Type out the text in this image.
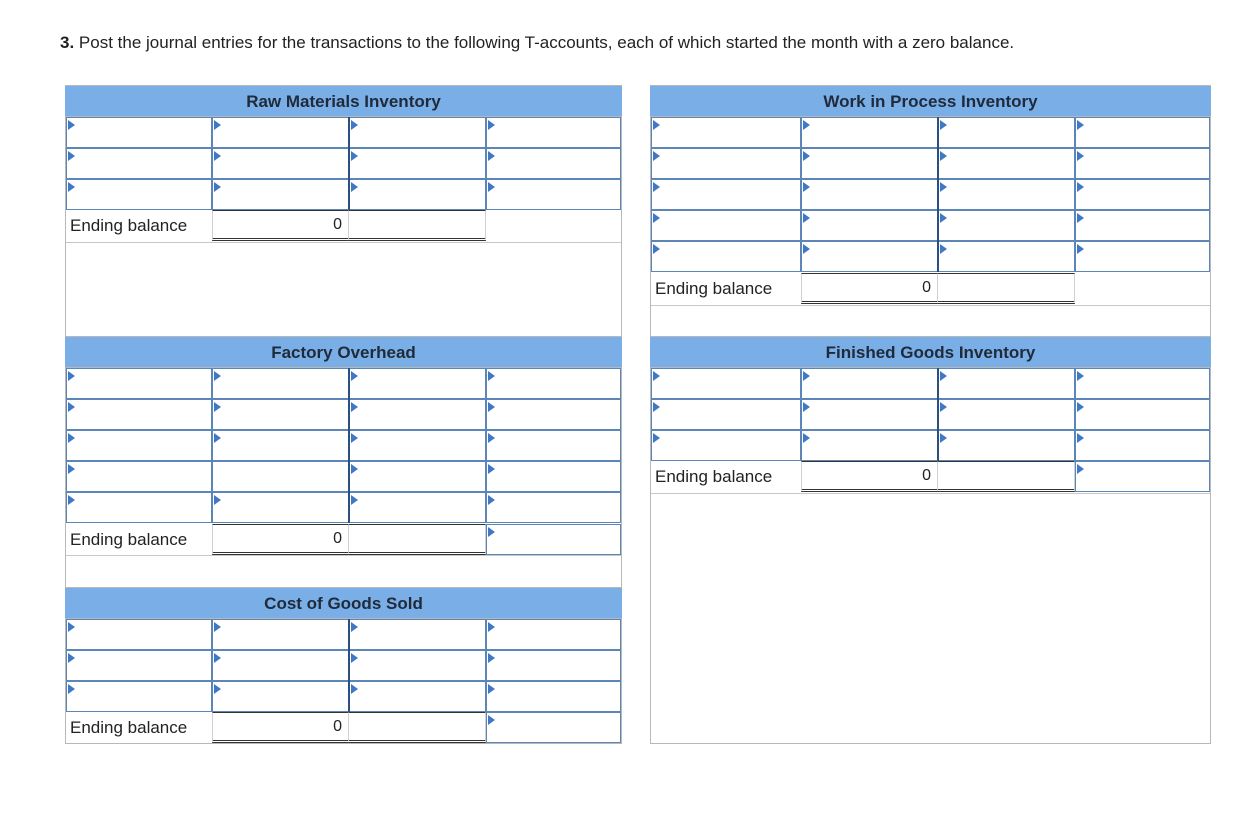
3. Post the journal entries for the transactions to the following T-accounts, each of which started the month with a zero balance.
Raw Materials Inventory
Ending balance	0
Work in Process Inventory
Ending balance	0
Factory Overhead
Ending balance	0
Finished Goods Inventory
Ending balance	0
Cost of Goods Sold
Ending balance	0
